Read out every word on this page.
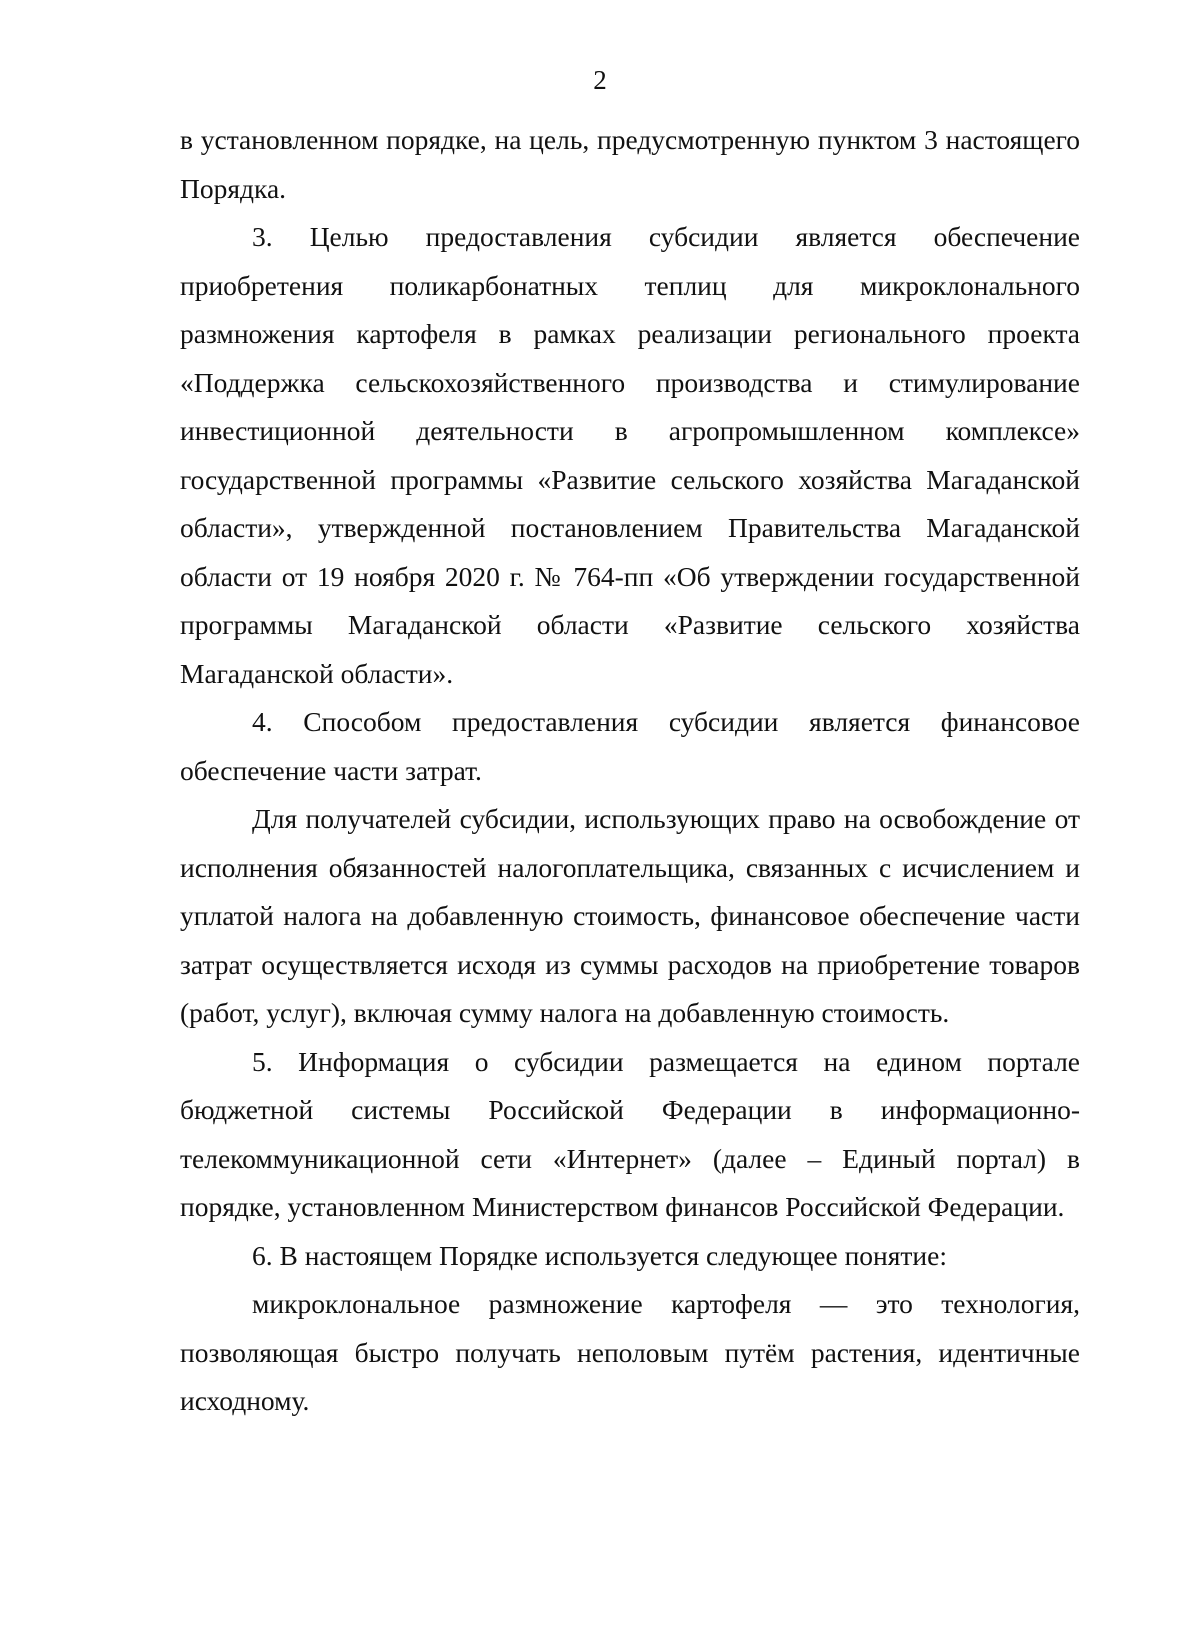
2

в установленном порядке, на цель, предусмотренную пунктом 3 настоящего Порядка.

3. Целью предоставления субсидии является обеспечение приобретения поликарбонатных теплиц для микроклонального размножения картофеля в рамках реализации регионального проекта «Поддержка сельскохозяйственного производства и стимулирование инвестиционной деятельности в агропромышленном комплексе» государственной программы «Развитие сельского хозяйства Магаданской области», утвержденной постановлением Правительства Магаданской области от 19 ноября 2020 г. № 764-пп «Об утверждении государственной программы Магаданской области «Развитие сельского хозяйства Магаданской области».

4. Способом предоставления субсидии является финансовое обеспечение части затрат.

Для получателей субсидии, использующих право на освобождение от исполнения обязанностей налогоплательщика, связанных с исчислением и уплатой налога на добавленную стоимость, финансовое обеспечение части затрат осуществляется исходя из суммы расходов на приобретение товаров (работ, услуг), включая сумму налога на добавленную стоимость.

5. Информация о субсидии размещается на едином портале бюджетной системы Российской Федерации в информационно-телекоммуникационной сети «Интернет» (далее – Единый портал) в порядке, установленном Министерством финансов Российской Федерации.

6. В настоящем Порядке используется следующее понятие:

микроклональное размножение картофеля — это технология, позволяющая быстро получать неполовым путём растения, идентичные исходному.
